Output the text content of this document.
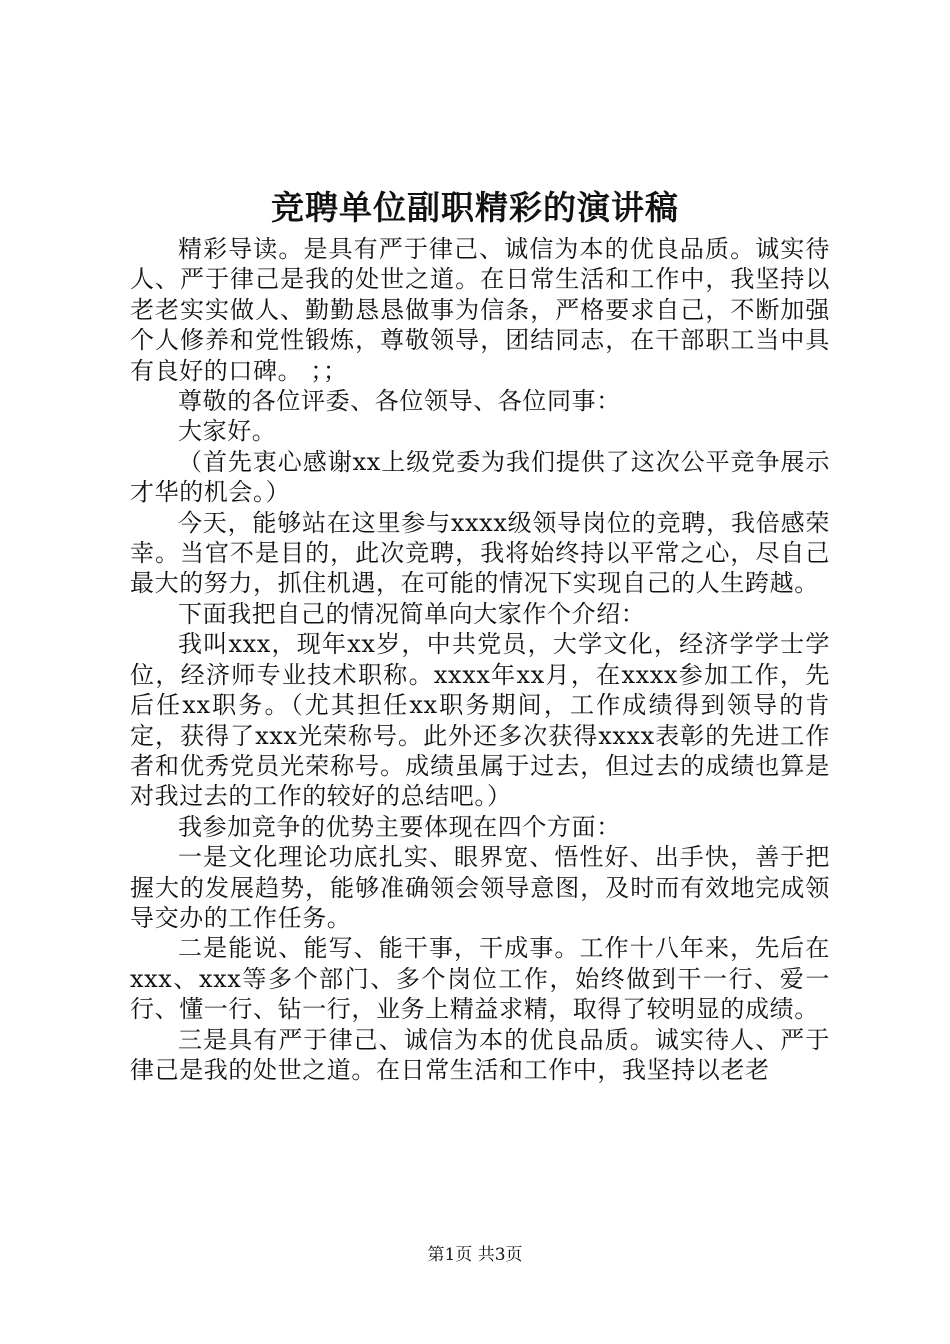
竞聘单位副职精彩的演讲稿

精彩导读。是具有严于律己、诚信为本的优良品质。诚实待人、严于律己是我的处世之道。在日常生活和工作中，我坚持以老老实实做人、勤勤恳恳做事为信条，严格要求自己，不断加强个人修养和党性锻炼，尊敬领导，团结同志，在干部职工当中具有良好的口碑。 ；；

尊敬的各位评委、各位领导、各位同事：

大家好。

（首先衷心感谢xx上级党委为我们提供了这次公平竞争展示才华的机会。）

今天，能够站在这里参与xxxx级领导岗位的竞聘，我倍感荣幸。当官不是目的，此次竞聘，我将始终持以平常之心，尽自己最大的努力，抓住机遇，在可能的情况下实现自己的人生跨越。

下面我把自己的情况简单向大家作个介绍：

我叫xxx，现年xx岁，中共党员，大学文化，经济学学士学位，经济师专业技术职称。xxxx年xx月，在xxxx参加工作，先后任xx职务。（尤其担任xx职务期间，工作成绩得到领导的肯定，获得了xxx光荣称号。此外还多次获得xxxx表彰的先进工作者和优秀党员光荣称号。成绩虽属于过去，但过去的成绩也算是对我过去的工作的较好的总结吧。）

我参加竞争的优势主要体现在四个方面：

一是文化理论功底扎实、眼界宽、悟性好、出手快，善于把握大的发展趋势，能够准确领会领导意图，及时而有效地完成领导交办的工作任务。

二是能说、能写、能干事，干成事。工作十八年来，先后在xxx、xxx等多个部门、多个岗位工作，始终做到干一行、爱一行、懂一行、钻一行，业务上精益求精，取得了较明显的成绩。

三是具有严于律己、诚信为本的优良品质。诚实待人、严于律己是我的处世之道。在日常生活和工作中，我坚持以老老

第1页 共3页
